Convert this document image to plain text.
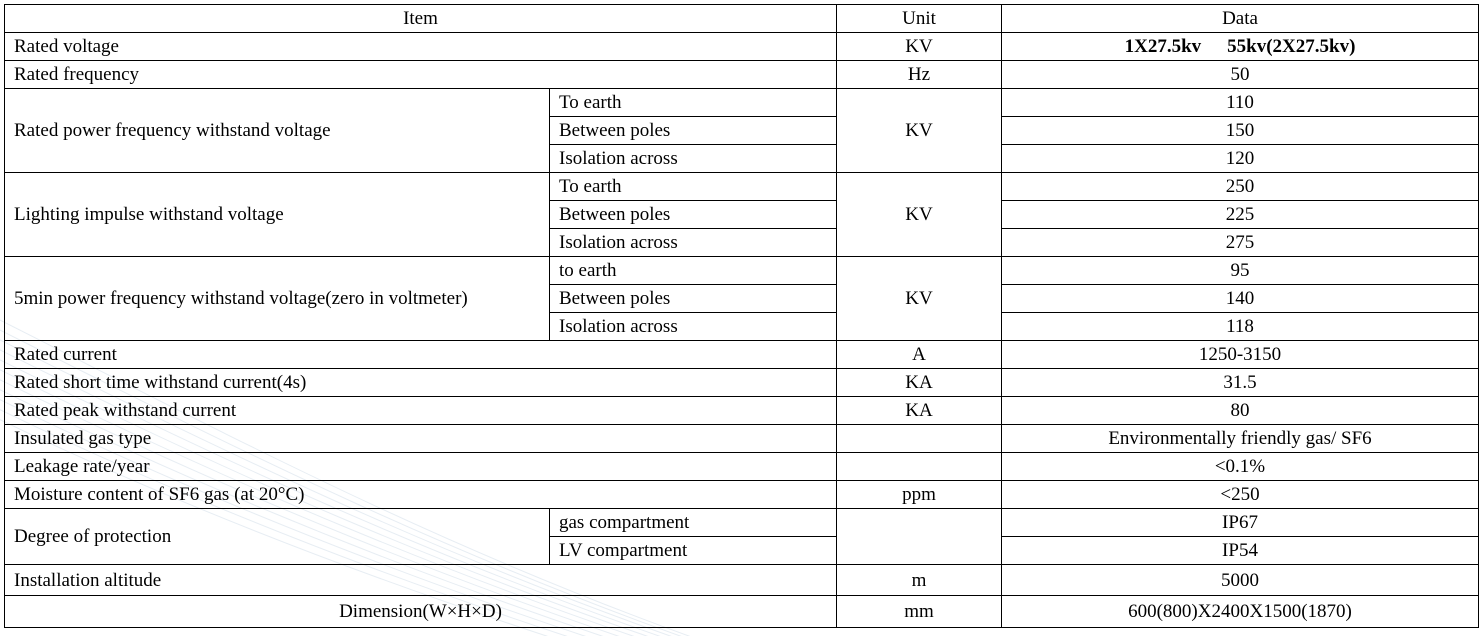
Item		Unit	Data
Rated voltage		KV	1X27.5kv 55kv(2X27.5kv)
Rated frequency		Hz	50
Rated power frequency withstand voltage	To earth	KV	110
	Between poles		150
	Isolation across		120
Lighting impulse withstand voltage	To earth	KV	250
	Between poles		225
	Isolation across		275
5min power frequency withstand voltage(zero in voltmeter)	to earth	KV	95
	Between poles		140
	Isolation across		118
Rated current		A	1250-3150
Rated short time withstand current(4s)		KA	31.5
Rated peak withstand current		KA	80
Insulated gas type			Environmentally friendly gas/ SF6
Leakage rate/year			<0.1%
Moisture content of SF6 gas (at 20°C)		ppm	<250
Degree of protection	gas compartment		IP67
	LV compartment		IP54
Installation altitude		m	5000
Dimension(W×H×D)		mm	600(800)X2400X1500(1870)
